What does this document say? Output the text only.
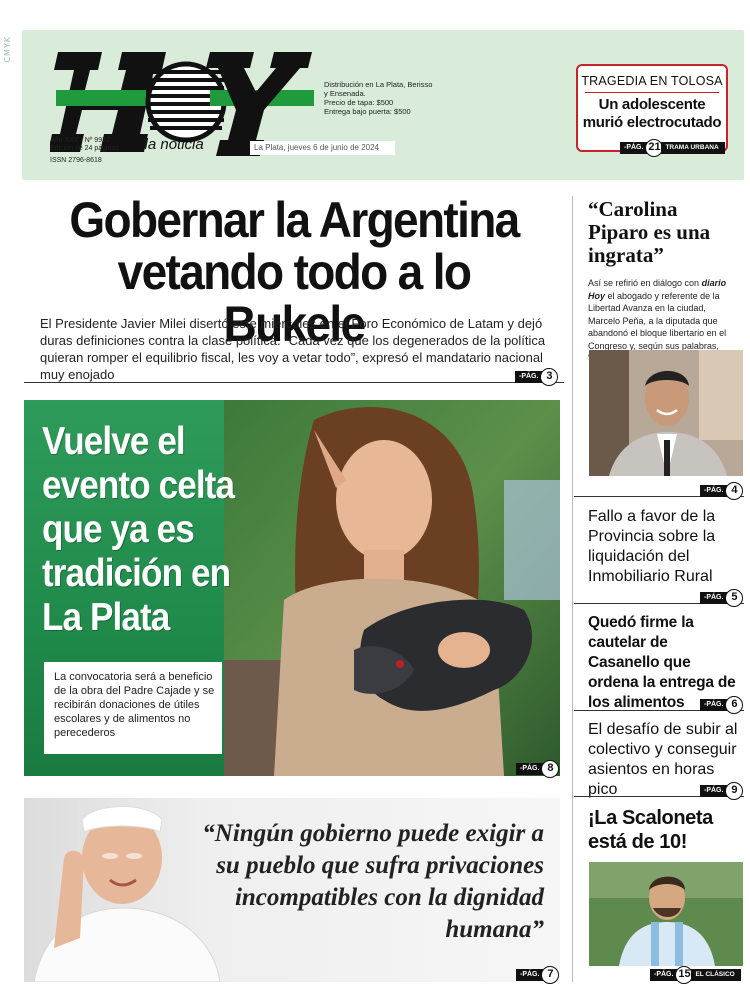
CMYK
Año XXX • Nº 9932 Edición de 24 páginas En la noticia
ISSN 2796-8618
Distribución en La Plata, Berisso y Ensenada.
Precio de tapa: $500
Entrega bajo puerta: $500
La Plata, jueves 6 de junio de 2024
TRAGEDIA EN TOLOSA
Un adolescente murió electrocutado
-PÁG. 21 TRAMA URBANA
Gobernar la Argentina vetando todo a lo Bukele
El Presidente Javier Milei disertó este miércoles en el Foro Económico de Latam y dejó duras definiciones contra la clase política. “Cada vez que los degenerados de la política quieran romper el equilibrio fiscal, les voy a vetar todo”, expresó el mandatario nacional muy enojado	-PÁG. 3
Vuelve el evento celta que ya es tradición en La Plata
La convocatoria será a beneficio de la obra del Padre Cajade y se recibirán donaciones de útiles escolares y de alimentos no perecederos
-PÁG. 8
“Ningún gobierno puede exigir a su pueblo que sufra privaciones incompatibles con la dignidad humana”
-PÁG. 7
“Carolina Piparo es una ingrata”
Así se refirió en diálogo con diario Hoy el abogado y referente de la Libertad Avanza en la ciudad, Marcelo Peña, a la diputada que abandonó el bloque libertario en el Congreso y, según sus palabras,
-PÁG. 4
Fallo a favor de la Provincia sobre la liquidación del Inmobiliario Rural
-PÁG. 5
Quedó firme la cautelar de Casanello que ordena la entrega de los alimentos	-PÁG. 6
El desafío de subir al colectivo y conseguir asientos en horas pico	-PÁG. 9
¡La Scaloneta está de 10!
-PÁG. 15 EL CLÁSICO
